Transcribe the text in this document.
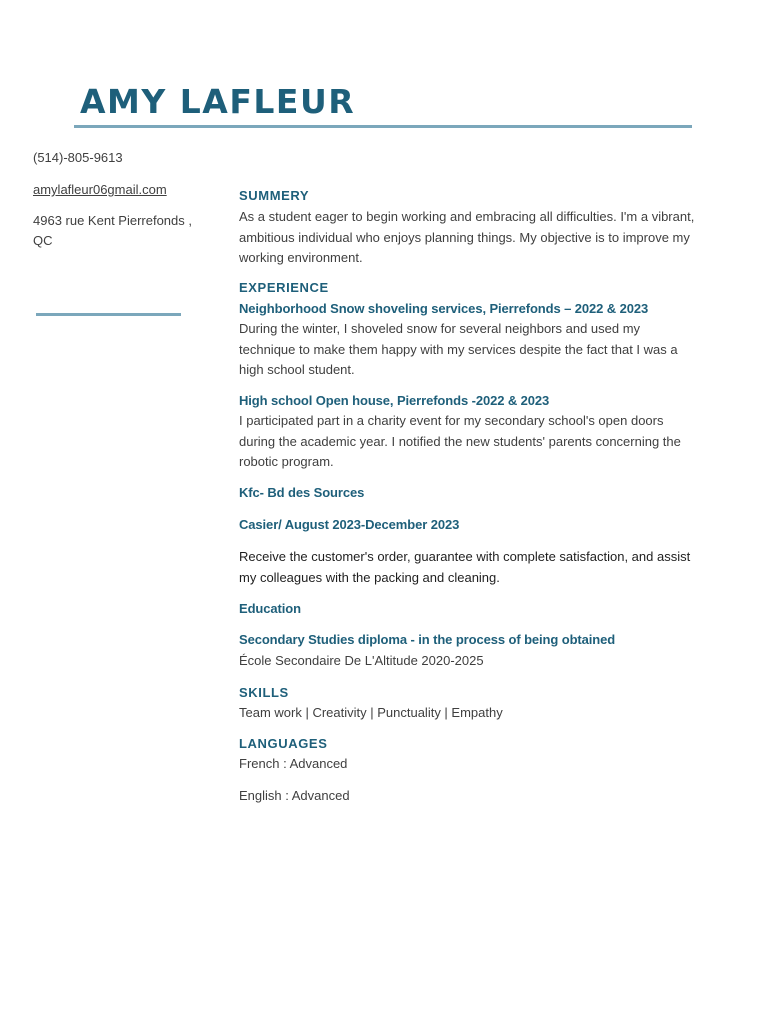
AMY LAFLEUR
(514)-805-9613
amylafleur06gmail.com
4963 rue Kent Pierrefonds , QC
SUMMERY
As a student eager to begin working and embracing all difficulties. I'm a vibrant, ambitious individual who enjoys planning things. My objective is to improve my working environment.
EXPERIENCE
Neighborhood Snow shoveling services, Pierrefonds – 2022 & 2023
During the winter, I shoveled snow for several neighbors and used my technique to make them happy with my services despite the fact that I was a high school student.
High school Open house, Pierrefonds -2022 & 2023
I participated part in a charity event for my secondary school's open doors during the academic year. I notified the new students' parents concerning the robotic program.
Kfc- Bd des Sources
Casier/ August 2023-December 2023
Receive the customer's order, guarantee with complete satisfaction, and assist my colleagues with the packing and cleaning.
Education
Secondary Studies diploma - in the process of being obtained
École Secondaire De L'Altitude 2020-2025
SKILLS
Team work | Creativity | Punctuality | Empathy
LANGUAGES
French : Advanced
English : Advanced
